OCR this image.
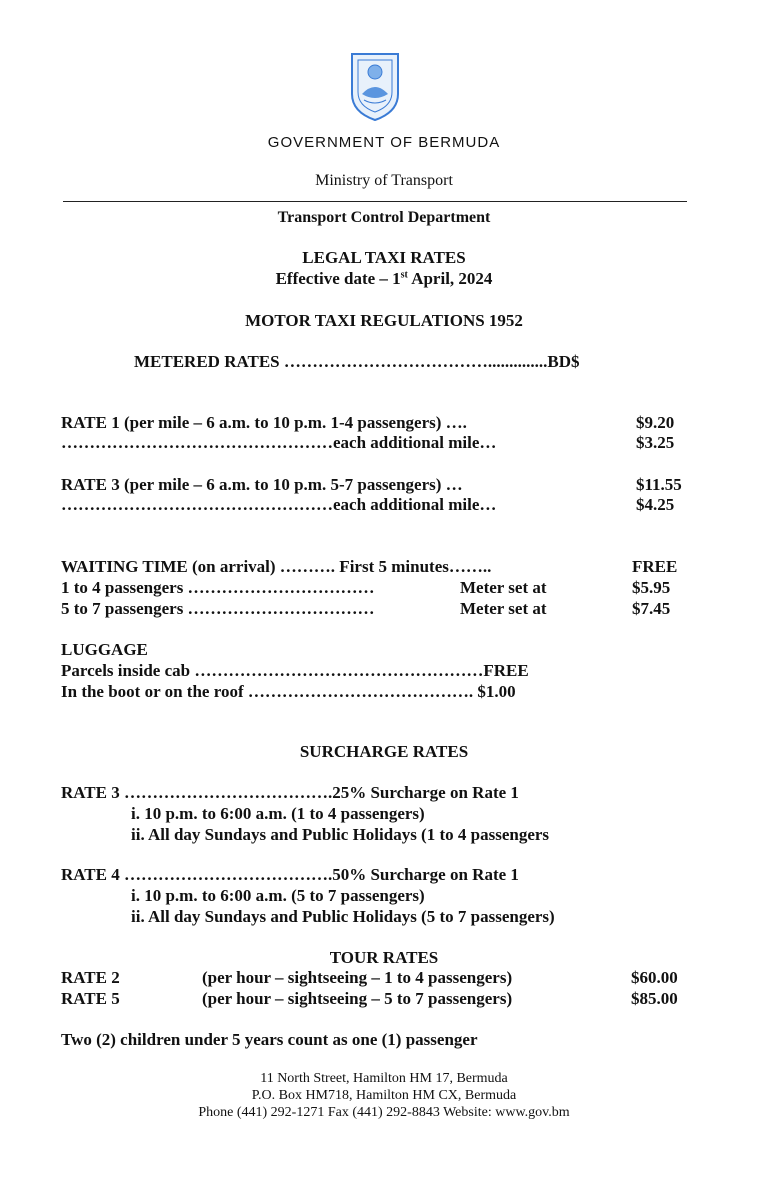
GOVERNMENT OF BERMUDA
Ministry of Transport
Transport Control Department
LEGAL TAXI RATES
Effective date – 1st April, 2024
MOTOR TAXI REGULATIONS 1952
METERED RATES ………………………………..............BD$
RATE 1 (per mile – 6 a.m. to 10 p.m. 1-4 passengers) ….	$9.20
…………………………………………each additional mile…	$3.25
RATE 3 (per mile – 6 a.m. to 10 p.m. 5-7 passengers) …	$11.55
…………………………………………each additional mile…	$4.25
WAITING TIME (on arrival) ………. First 5 minutes……..	FREE
1 to 4 passengers ……………………………	Meter set at	$5.95
5 to 7 passengers ……………………………	Meter set at	$7.45
LUGGAGE
Parcels inside cab ……………………………………………FREE
In the boot or on the roof …………………………………. $1.00
SURCHARGE RATES
RATE 3 ……………………………….25% Surcharge on Rate 1
i. 10 p.m. to 6:00 a.m. (1 to 4 passengers)
ii. All day Sundays and Public Holidays (1 to 4 passengers
RATE 4 ……………………………….50% Surcharge on Rate 1
i. 10 p.m. to 6:00 a.m. (5 to 7 passengers)
ii. All day Sundays and Public Holidays (5 to 7 passengers)
TOUR RATES
RATE 2	(per hour – sightseeing – 1 to 4 passengers)	$60.00
RATE 5	(per hour – sightseeing – 5 to 7 passengers)	$85.00
Two (2) children under 5 years count as one (1) passenger
11 North Street, Hamilton HM 17, Bermuda
P.O. Box HM718, Hamilton HM CX, Bermuda
Phone (441) 292-1271 Fax (441) 292-8843 Website: www.gov.bm
